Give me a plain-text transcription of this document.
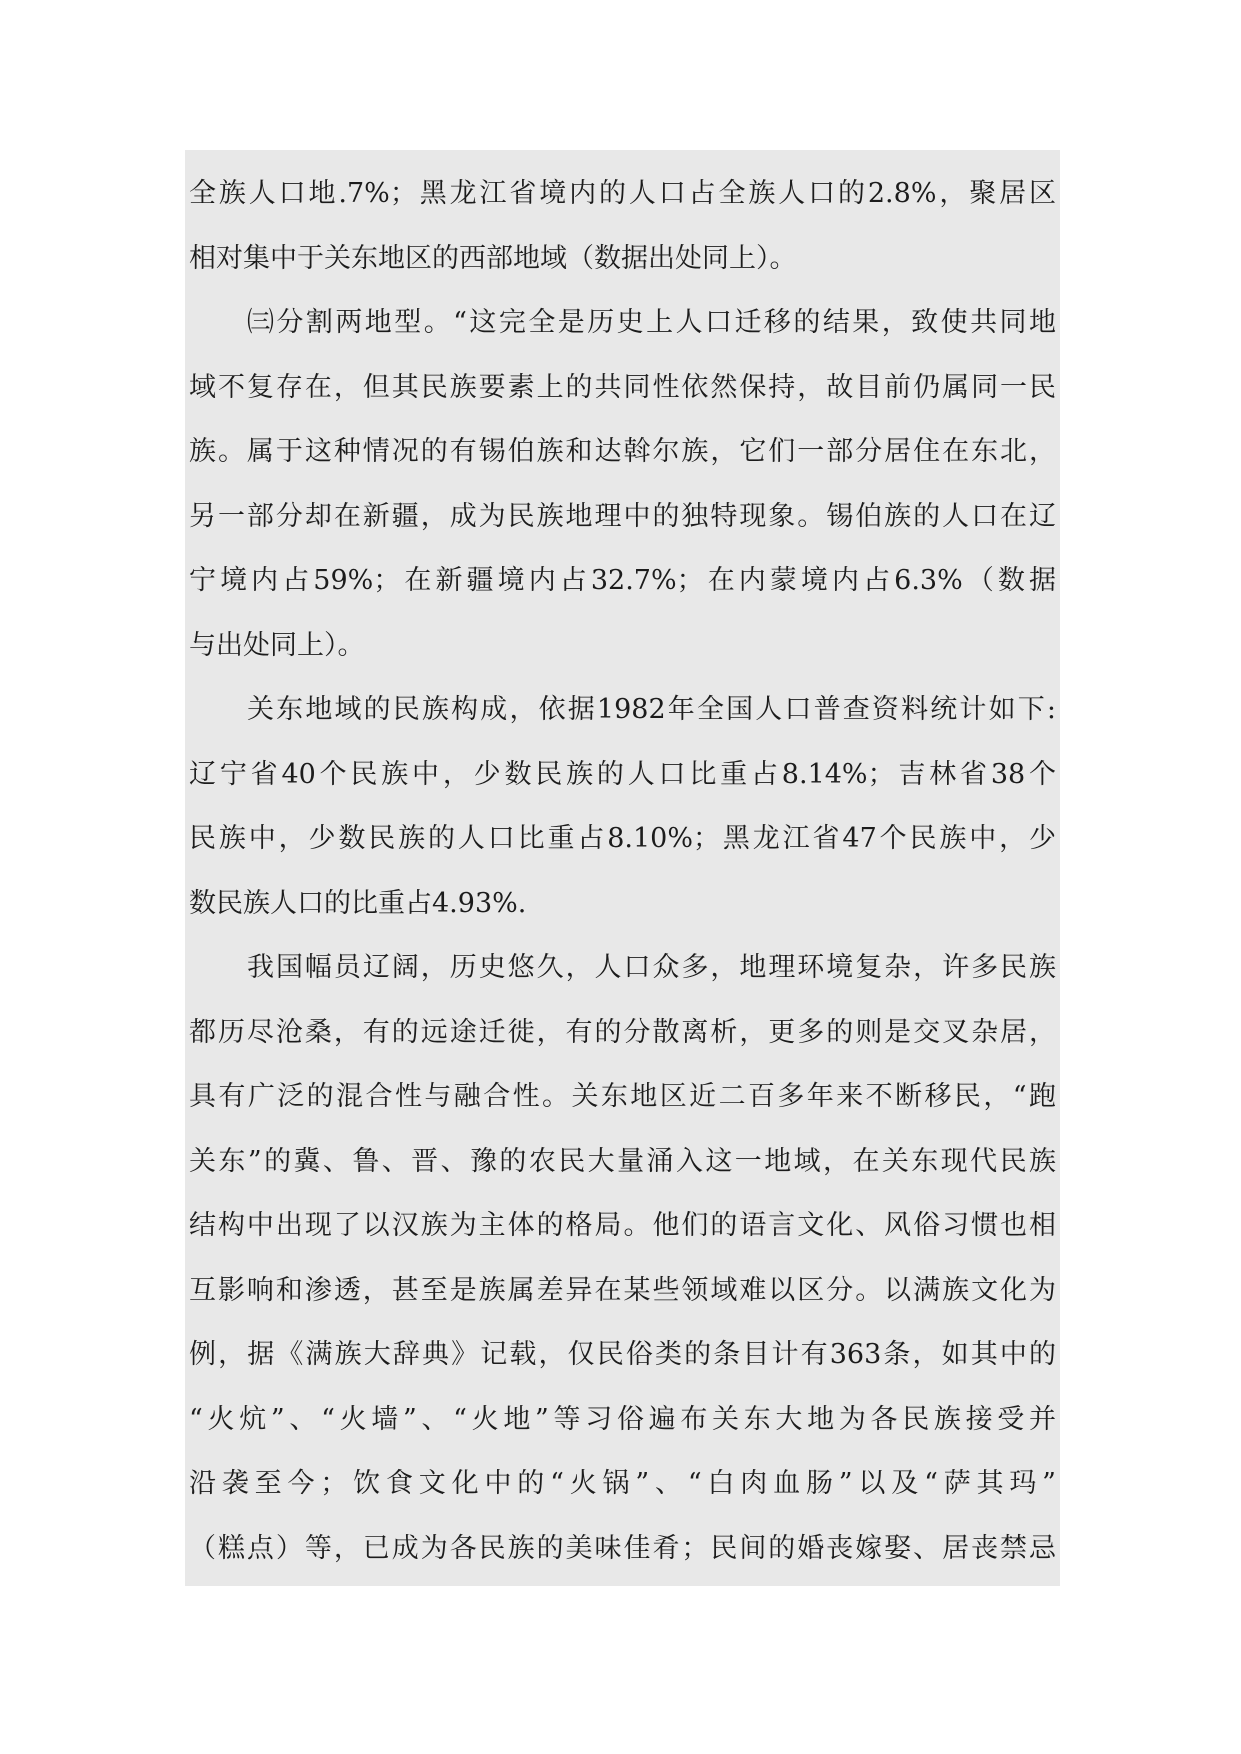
全族人口地.7%；黑龙江省境内的人口占全族人口的2.8%，聚居区
相对集中于关东地区的西部地域（数据出处同上）。
㈢分割两地型。“这完全是历史上人口迁移的结果，致使共同地
域不复存在，但其民族要素上的共同性依然保持，故目前仍属同一民
族。属于这种情况的有锡伯族和达斡尔族，它们一部分居住在东北，
另一部分却在新疆，成为民族地理中的独特现象。锡伯族的人口在辽
宁境内占59%；在新疆境内占32.7%；在内蒙境内占6.3%（数据
与出处同上）。
关东地域的民族构成，依据1982年全国人口普查资料统计如下:
辽宁省40个民族中，少数民族的人口比重占8.14%；吉林省38个
民族中，少数民族的人口比重占8.10%；黑龙江省47个民族中，少
数民族人口的比重占4.93%.
我国幅员辽阔，历史悠久，人口众多，地理环境复杂，许多民族
都历尽沧桑，有的远途迁徙，有的分散离析，更多的则是交叉杂居，
具有广泛的混合性与融合性。关东地区近二百多年来不断移民，“跑
关东”的冀、鲁、晋、豫的农民大量涌入这一地域，在关东现代民族
结构中出现了以汉族为主体的格局。他们的语言文化、风俗习惯也相
互影响和渗透，甚至是族属差异在某些领域难以区分。以满族文化为
例，据《满族大辞典》记载，仅民俗类的条目计有363条，如其中的
“火炕”、“火墙”、“火地”等习俗遍布关东大地为各民族接受并
沿袭至今；饮食文化中的“火锅”、“白肉血肠”以及“萨其玛”
（糕点）等，已成为各民族的美味佳肴；民间的婚丧嫁娶、居丧禁忌
